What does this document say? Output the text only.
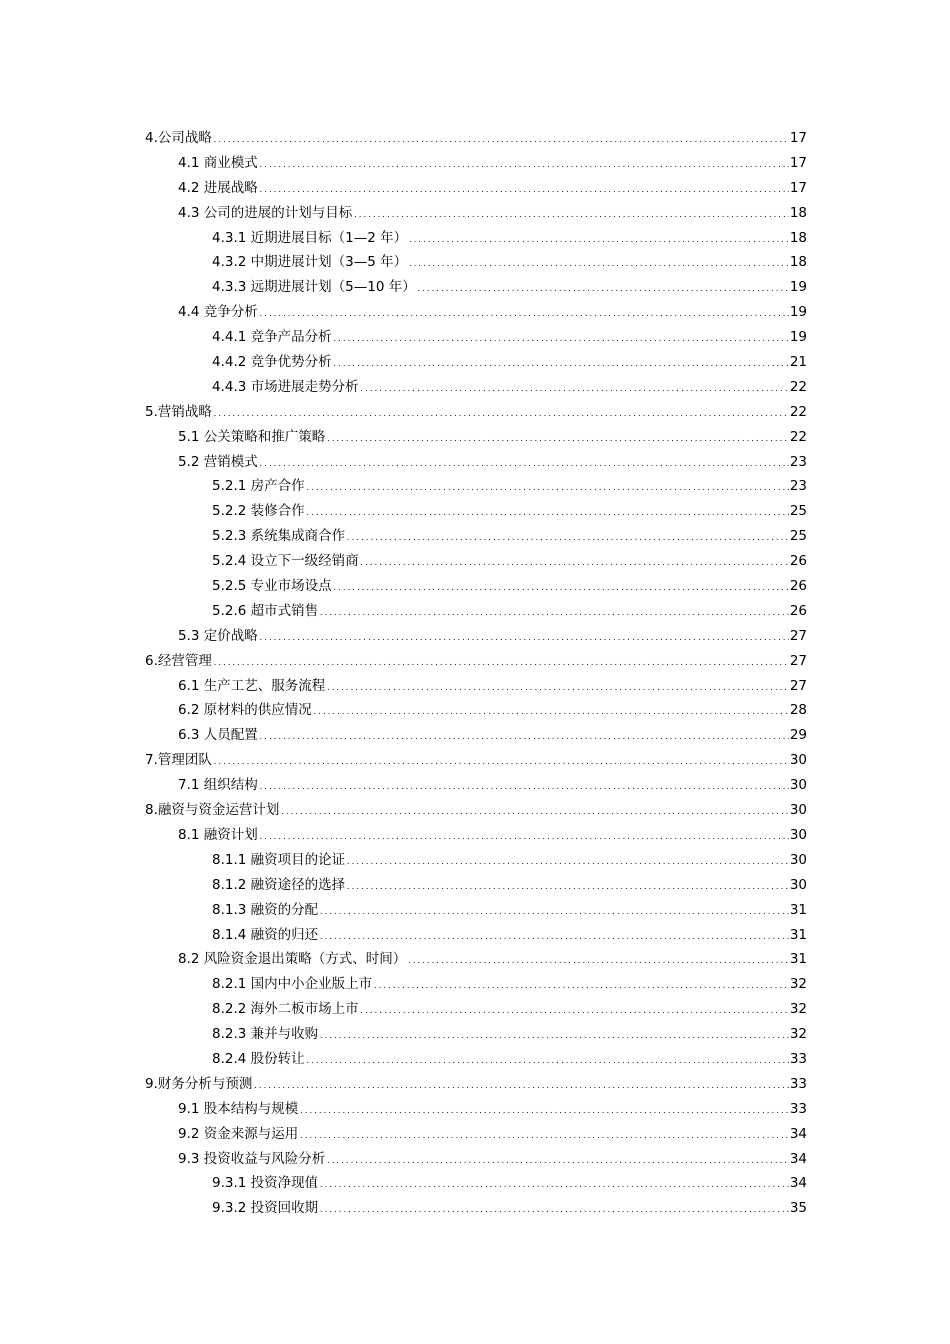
4.公司战略 .....	17
4.1 商业模式 .....	17
4.2 进展战略 .....	17
4.3 公司的进展的计划与目标 .....	18
4.3.1 近期进展目标（1—2 年） .....	18
4.3.2 中期进展计划（3—5 年） .....	18
4.3.3 远期进展计划（5—10 年） .....	19
4.4 竞争分析 .....	19
4.4.1 竞争产品分析 .....	19
4.4.2 竞争优势分析 .....	21
4.4.3 市场进展走势分析 .....	22
5.营销战略 .....	22
5.1 公关策略和推广策略 .....	22
5.2 营销模式 .....	23
5.2.1 房产合作 .....	23
5.2.2 装修合作 .....	25
5.2.3 系统集成商合作 .....	25
5.2.4 设立下一级经销商 .....	26
5.2.5 专业市场设点 .....	26
5.2.6 超市式销售 .....	26
5.3 定价战略 .....	27
6.经营管理 .....	27
6.1 生产工艺、服务流程 .....	27
6.2 原材料的供应情况 .....	28
6.3 人员配置 .....	29
7.管理团队 .....	30
7.1 组织结构 .....	30
8.融资与资金运营计划 .....	30
8.1 融资计划 .....	30
8.1.1 融资项目的论证 .....	30
8.1.2 融资途径的选择 .....	30
8.1.3 融资的分配 .....	31
8.1.4 融资的归还 .....	31
8.2 风险资金退出策略（方式、时间） .....	31
8.2.1 国内中小企业版上市 .....	32
8.2.2 海外二板市场上市 .....	32
8.2.3 兼并与收购 .....	32
8.2.4 股份转让 .....	33
9.财务分析与预测 .....	33
9.1 股本结构与规模 .....	33
9.2 资金来源与运用 .....	34
9.3 投资收益与风险分析 .....	34
9.3.1 投资净现值 .....	34
9.3.2 投资回收期 .....	35
